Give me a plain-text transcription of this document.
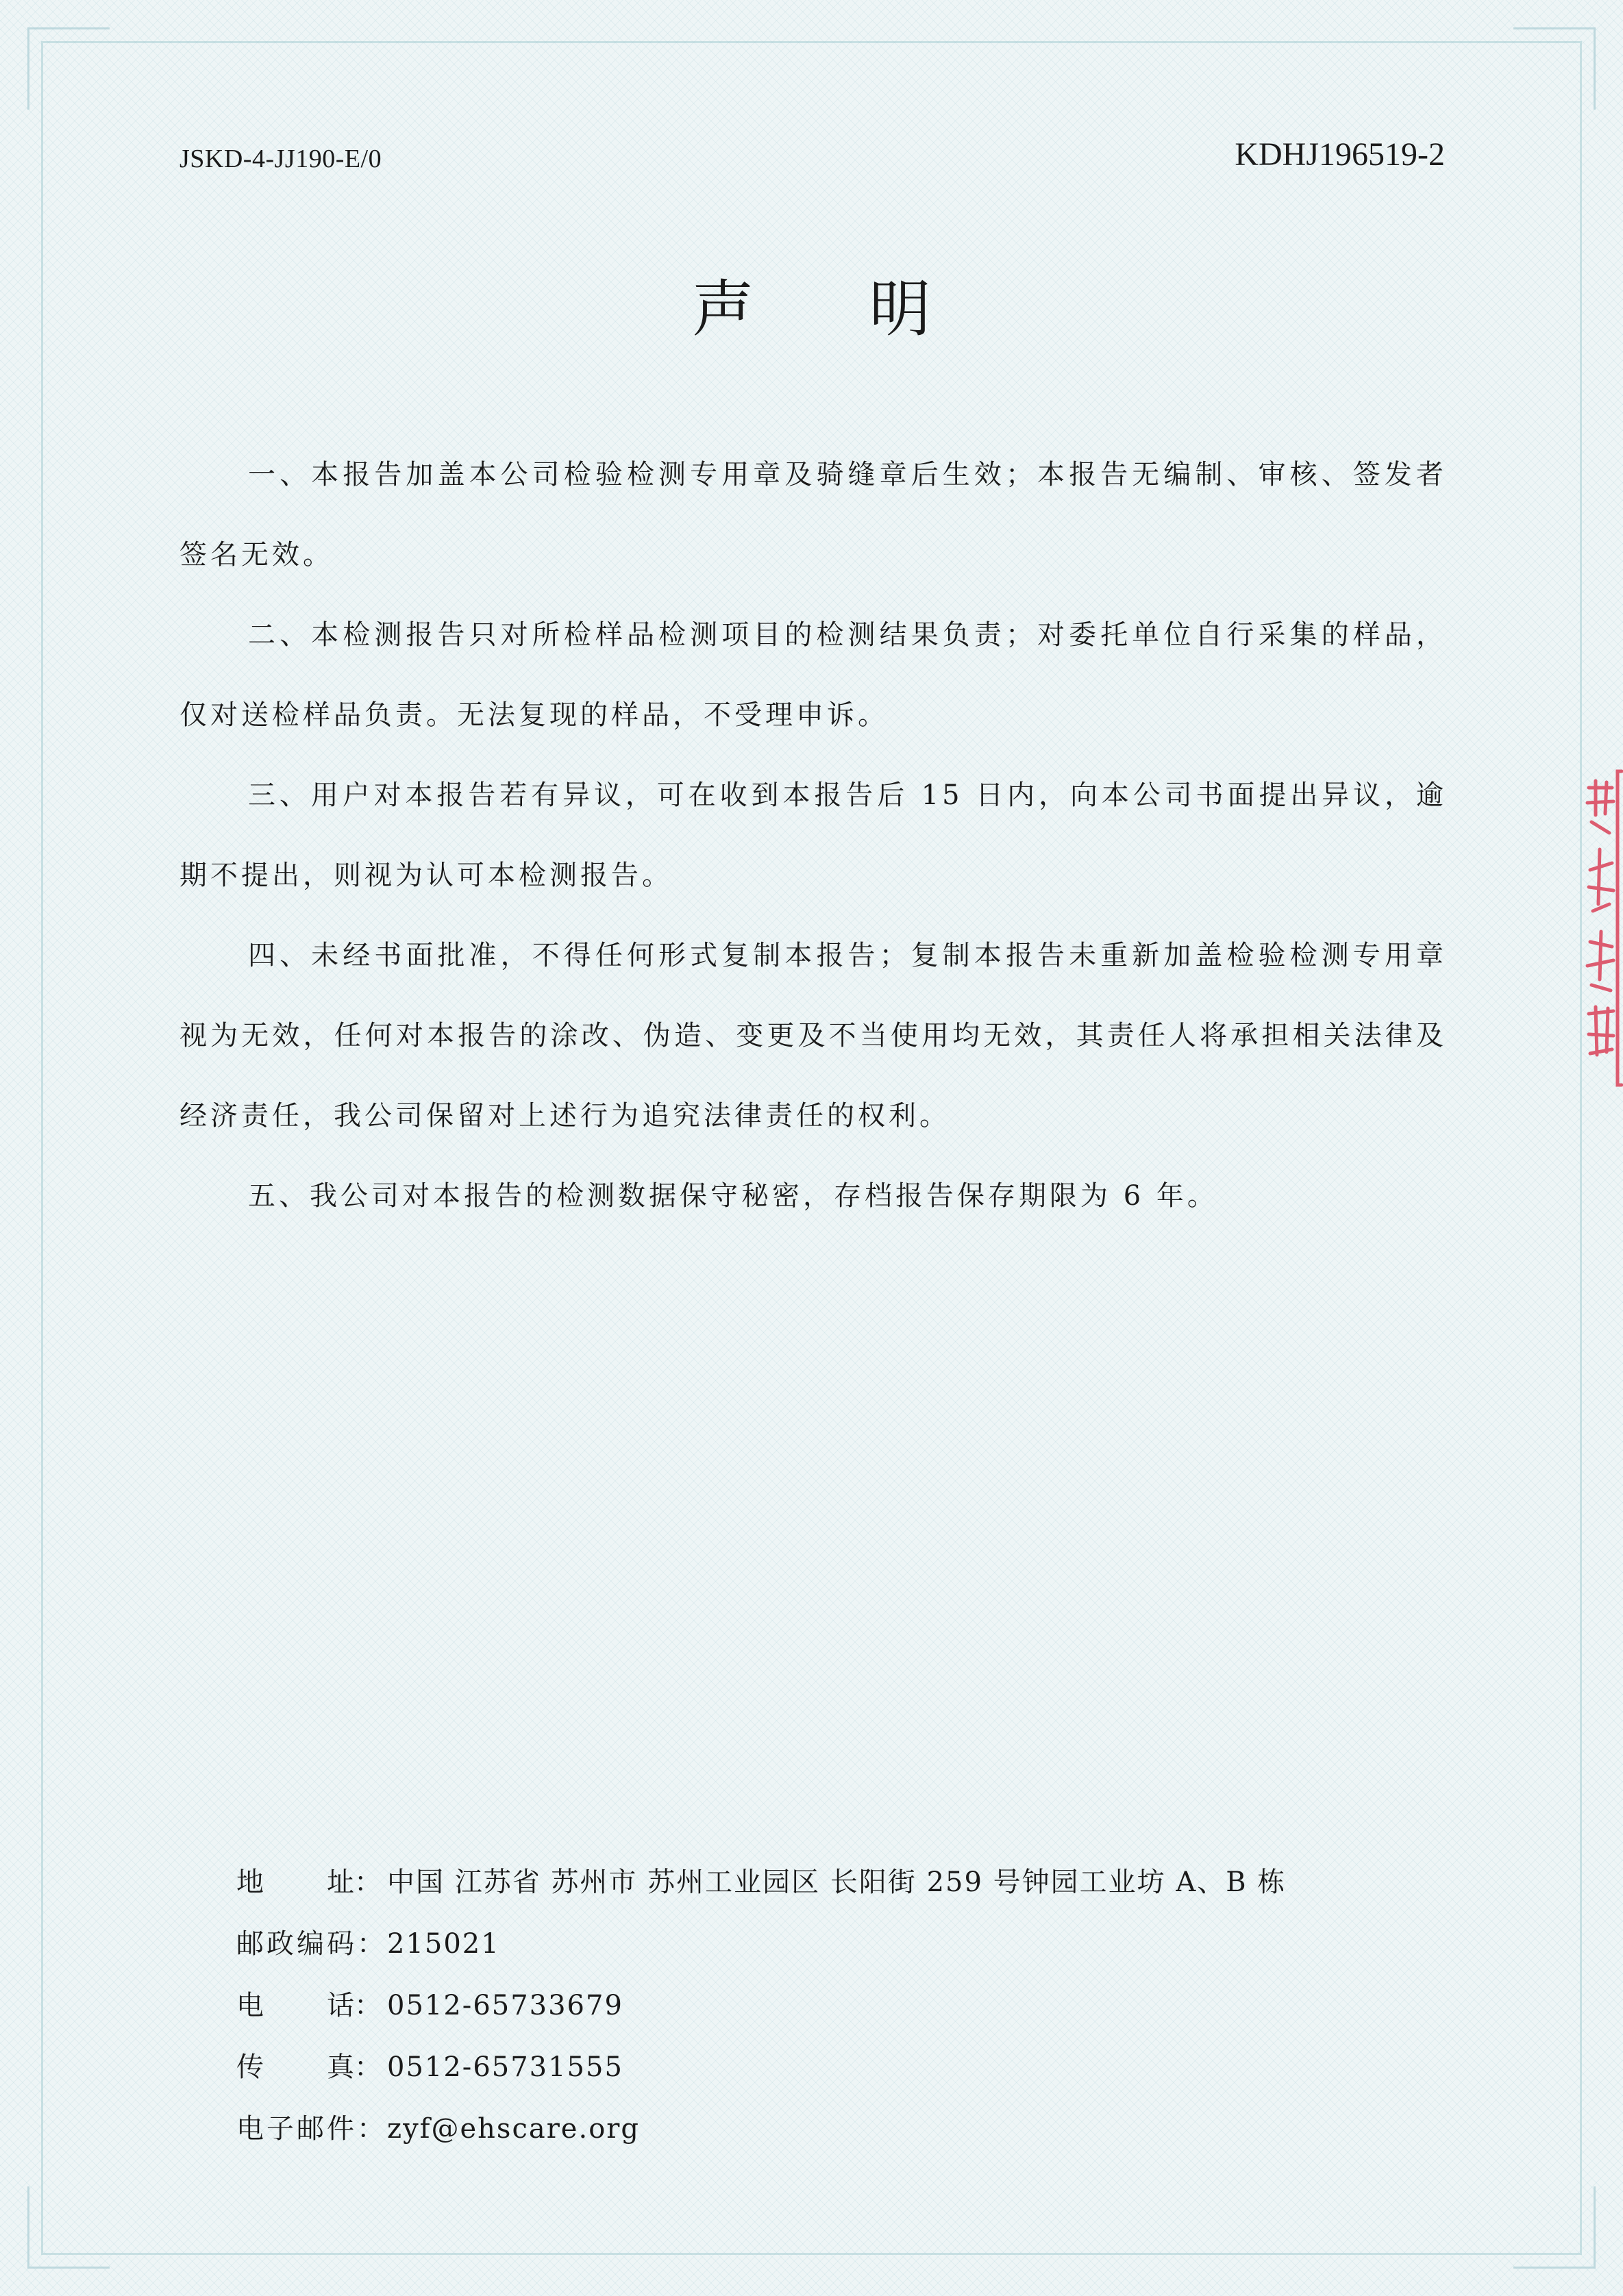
JSKD-4-JJ190-E/0	KDHJ196519-2
声 明

一、本报告加盖本公司检验检测专用章及骑缝章后生效；本报告无编制、审核、签发者签名无效。

二、本检测报告只对所检样品检测项目的检测结果负责；对委托单位自行采集的样品，仅对送检样品负责。无法复现的样品，不受理申诉。

三、用户对本报告若有异议，可在收到本报告后 15 日内，向本公司书面提出异议，逾期不提出，则视为认可本检测报告。

四、未经书面批准，不得任何形式复制本报告；复制本报告未重新加盖检验检测专用章视为无效，任何对本报告的涂改、伪造、变更及不当使用均无效，其责任人将承担相关法律及经济责任，我公司保留对上述行为追究法律责任的权利。

五、我公司对本报告的检测数据保守秘密，存档报告保存期限为 6 年。

地 址： 中国 江苏省 苏州市 苏州工业园区 长阳街 259 号钟园工业坊 A、B 栋
邮政编码： 215021
电 话： 0512-65733679
传 真： 0512-65731555
电子邮件： zyf@ehscare.org
